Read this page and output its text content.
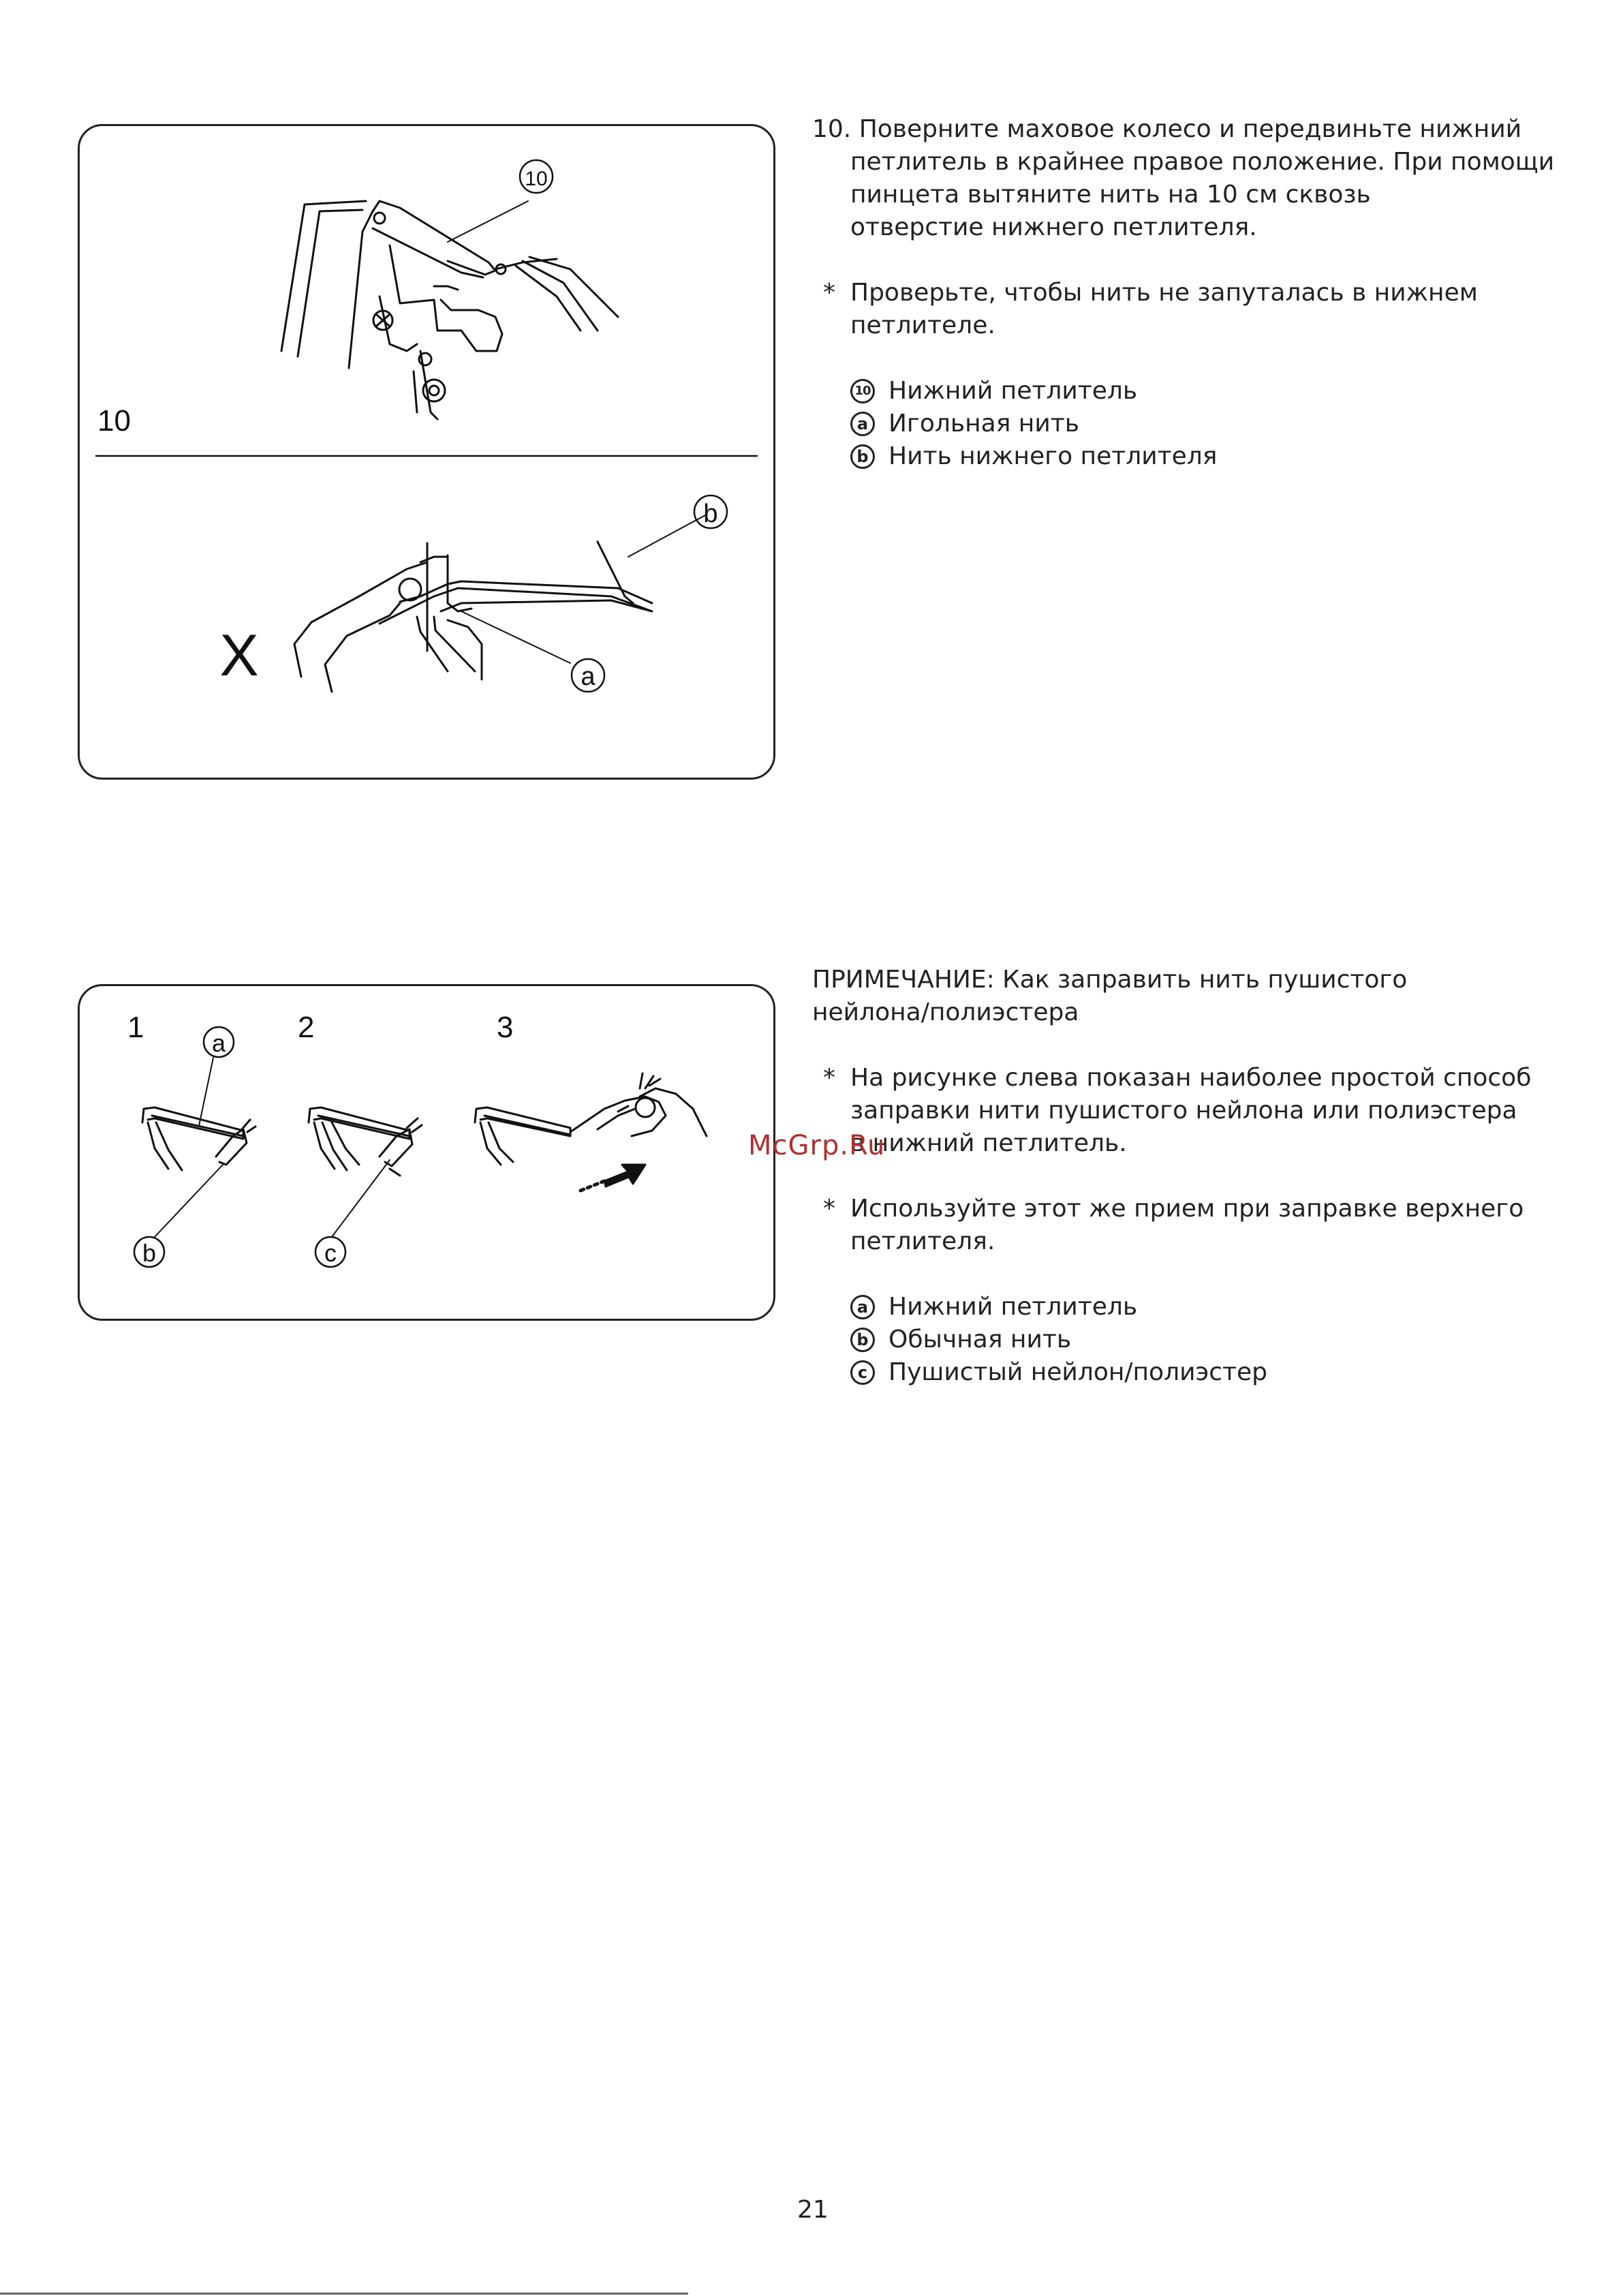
10
b
a
X
10
a
b	c
1	2	3
10. Поверните маховое колесо и передвиньте нижний
петлитель в крайнее правое положение. При помощи
пинцета вытяните нить на 10 см сквозь
отверстие нижнего петлителя.
* Проверьте, чтобы нить не запуталась в нижнем
петлителе.
10 Нижний петлитель
a Игольная нить
b Нить нижнего петлителя
ПРИМЕЧАНИЕ: Как заправить нить пушистого
нейлона/полиэстера
* На рисунке слева показан наиболее простой способ
заправки нити пушистого нейлона или полиэстера
в нижний петлитель.
* Используйте этот же прием при заправке верхнего
петлителя.
a Нижний петлитель
b Обычная нить
c Пушистый нейлон/полиэстер
McGrp.Ru
21
